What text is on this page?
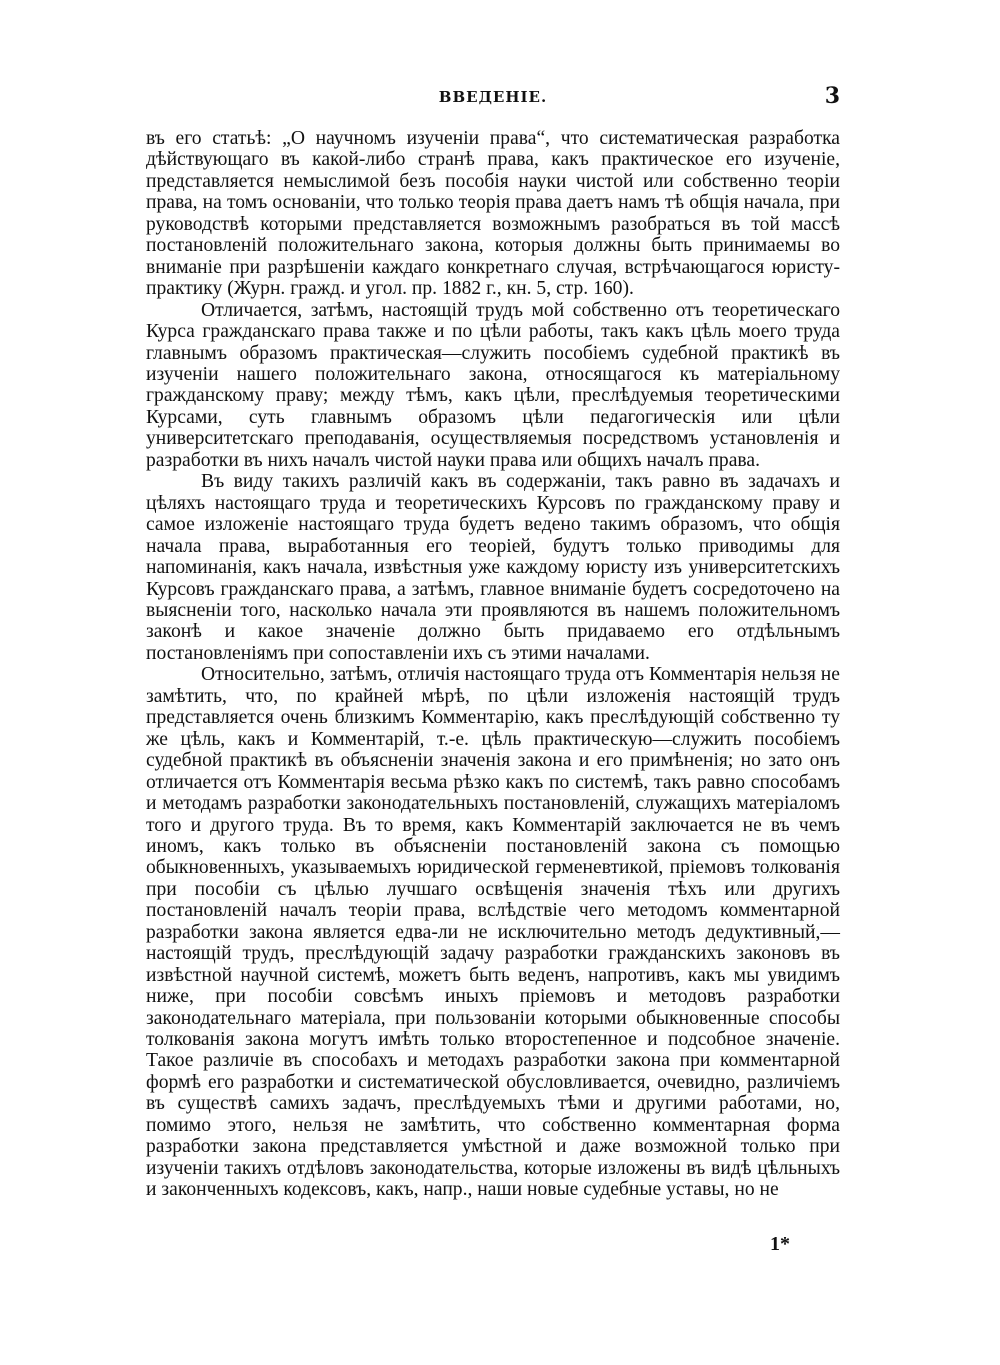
ВВЕДЕНІЕ.	3

въ его статьѣ: „О научномъ изученіи права“, что систематическая разработка дѣйствующаго въ какой-либо странѣ права, какъ практическое его изученіе, представляется немыслимой безъ пособія науки чистой или собственно теоріи права, на томъ основаніи, что только теорія права даетъ намъ тѣ общія начала, при руководствѣ которыми представляется возможнымъ разобраться въ той массѣ постановленій положительнаго закона, которыя должны быть принимаемы во вниманіе при разрѣшеніи каждаго конкретнаго случая, встрѣчающагося юристу-практику (Журн. гражд. и угол. пр. 1882 г., кн. 5, стр. 160).

Отличается, затѣмъ, настоящій трудъ мой собственно отъ теоретическаго Курса гражданскаго права также и по цѣли работы, такъ какъ цѣль моего труда главнымъ образомъ практическая—служить пособіемъ судебной практикѣ въ изученіи нашего положительнаго закона, относящагося къ матеріальному гражданскому праву; между тѣмъ, какъ цѣли, преслѣдуемыя теоретическими Курсами, суть главнымъ образомъ цѣли педагогическія или цѣли университетскаго преподаванія, осуществляемыя посредствомъ установленія и разработки въ нихъ началъ чистой науки права или общихъ началъ права.

Въ виду такихъ различій какъ въ содержаніи, такъ равно въ задачахъ и цѣляхъ настоящаго труда и теоретическихъ Курсовъ по гражданскому праву и самое изложеніе настоящаго труда будетъ ведено такимъ образомъ, что общія начала права, выработанныя его теоріей, будутъ только приводимы для напоминанія, какъ начала, извѣстныя уже каждому юристу изъ университетскихъ Курсовъ гражданскаго права, а затѣмъ, главное вниманіе будетъ сосредоточено на выясненіи того, насколько начала эти проявляются въ нашемъ положительномъ законѣ и какое значеніе должно быть придаваемо его отдѣльнымъ постановленіямъ при сопоставленіи ихъ съ этими началами.

Относительно, затѣмъ, отличія настоящаго труда отъ Комментарія нельзя не замѣтить, что, по крайней мѣрѣ, по цѣли изложенія настоящій трудъ представляется очень близкимъ Комментарію, какъ преслѣдующій собственно ту же цѣль, какъ и Комментарій, т.-е. цѣль практическую—служить пособіемъ судебной практикѣ въ объясненіи значенія закона и его примѣненія; но зато онъ отличается отъ Комментарія весьма рѣзко какъ по системѣ, такъ равно способамъ и методамъ разработки законодательныхъ постановленій, служащихъ матеріаломъ того и другого труда. Въ то время, какъ Комментарій заключается не въ чемъ иномъ, какъ только въ объясненіи постановленій закона съ помощью обыкновенныхъ, указываемыхъ юридической герменевтикой, пріемовъ толкованія при пособіи съ цѣлью лучшаго освѣщенія значенія тѣхъ или другихъ постановленій началъ теоріи права, вслѣдствіе чего методомъ комментарной разработки закона является едва-ли не исключительно методъ дедуктивный,—настоящій трудъ, преслѣдующій задачу разработки гражданскихъ законовъ въ извѣстной научной системѣ, можетъ быть веденъ, напротивъ, какъ мы увидимъ ниже, при пособіи совсѣмъ иныхъ пріемовъ и методовъ разработки законодательнаго матеріала, при пользованіи которыми обыкновенные способы толкованія закона могутъ имѣть только второстепенное и подсобное значеніе. Такое различіе въ способахъ и методахъ разработки закона при комментарной формѣ его разработки и систематической обусловливается, очевидно, различіемъ въ существѣ самихъ задачъ, преслѣдуемыхъ тѣми и другими работами, но, помимо этого, нельзя не замѣтить, что собственно комментарная форма разработки закона представляется умѣстной и даже возможной только при изученіи такихъ отдѣловъ законодательства, которые изложены въ видѣ цѣльныхъ и законченныхъ кодексовъ, какъ, напр., наши новые судебные уставы, но не

1*
